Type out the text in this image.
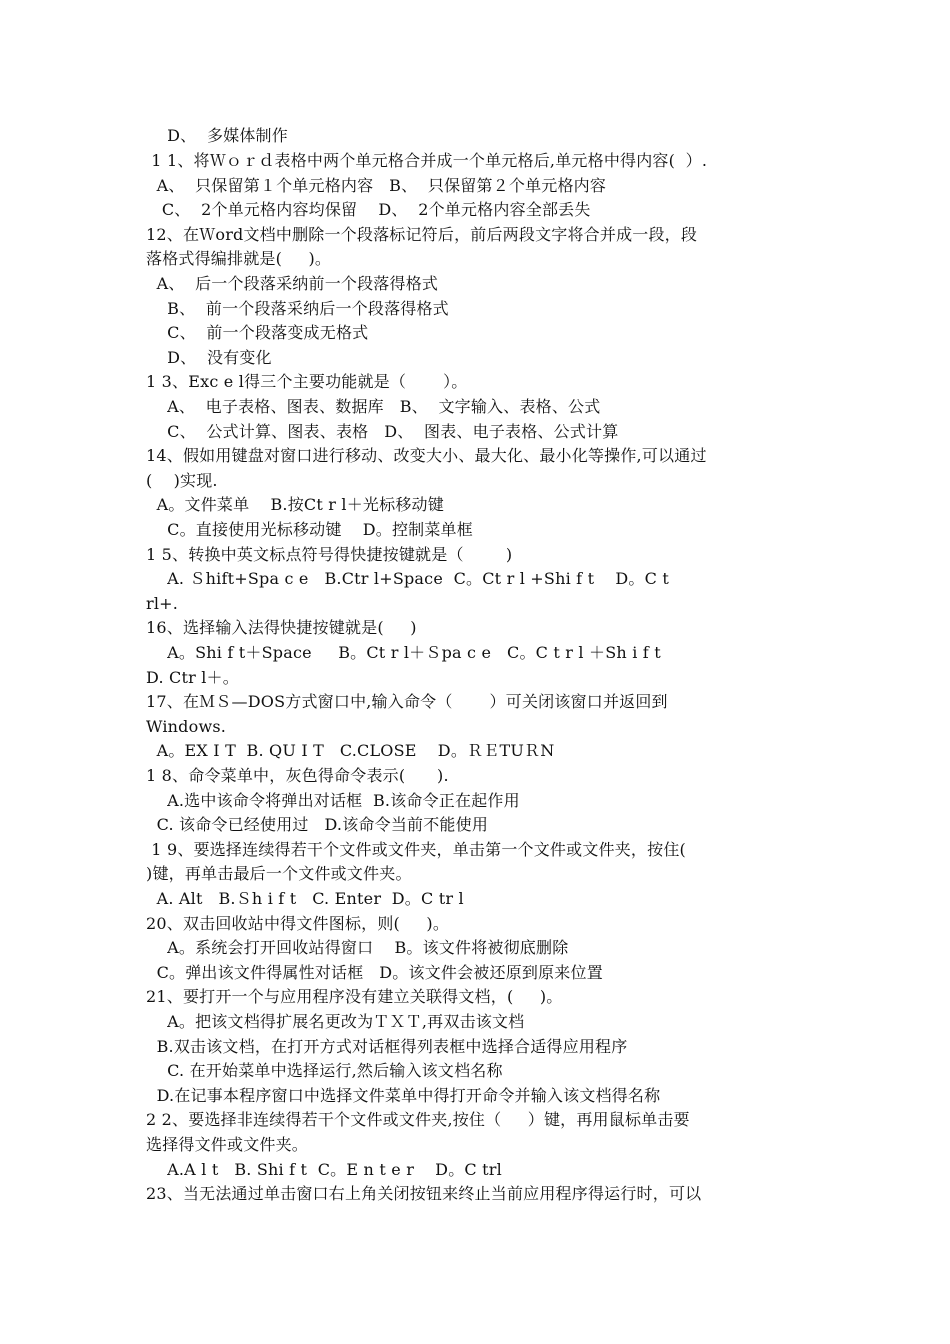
D、  多媒体制作
1 1、将Ｗｏｒｄ表格中两个单元格合并成一个单元格后,单元格中得内容(  ）.
A、  只保留第１个单元格内容   B、  只保留第２个单元格内容
C、  2个单元格内容均保留    D、  2个单元格内容全部丢失
12、在Ｗord文档中删除一个段落标记符后，前后两段文字将合并成一段，段
落格式得编排就是(     )。
A、  后一个段落采纳前一个段落得格式
B、  前一个段落采纳后一个段落得格式
C、  前一个段落变成无格式
D、  没有变化
1 3、Exc e l得三个主要功能就是（       ）。
A、  电子表格、图表、数据库   B、  文字输入、表格、公式
C、  公式计算、图表、表格   D、  图表、电子表格、公式计算
14、假如用键盘对窗口进行移动、改变大小、最大化、最小化等操作,可以通过
(    )实现.
A。文件菜单    B.按Ct r l＋光标移动键
C。直接使用光标移动键    D。控制菜单框
1 5、转换中英文标点符号得快捷按键就是（        )
A. Ｓhift+Spa c e   B.Ctr l+Space  C。Ct r l +Shi f t    D。C t
rl+.
16、选择输入法得快捷按键就是(     )
A。Shi f t＋Space     B。Ct r l＋Ｓpa c e   C。C t r l ＋Sh i f t
D. Ctr l＋。
17、在ＭＳ—DOS方式窗口中,输入命令（       ）可关闭该窗口并返回到
Windows.
A。EX I T  B. QU I T   C.CLOSE    D。ＲＥTUＲN
1 8、命令菜单中，灰色得命令表示(      ).
A.选中该命令将弹出对话框  B.该命令正在起作用
C. 该命令已经使用过   D.该命令当前不能使用
1 9、要选择连续得若干个文件或文件夹，单击第一个文件或文件夹，按住(
)键，再单击最后一个文件或文件夹。
A. Alt   B.Ｓh i f t   C. Enter  D。C tr l
20、双击回收站中得文件图标，则(     )。
A。系统会打开回收站得窗口    B。该文件将被彻底删除
C。弹出该文件得属性对话框   D。该文件会被还原到原来位置
21、要打开一个与应用程序没有建立关联得文档，(     )。
A。把该文档得扩展名更改为ＴＸＴ,再双击该文档
B.双击该文档，在打开方式对话框得列表框中选择合适得应用程序
C. 在开始菜单中选择运行,然后输入该文档名称
D.在记事本程序窗口中选择文件菜单中得打开命令并输入该文档得名称
2 2、要选择非连续得若干个文件或文件夹,按住（     ）键，再用鼠标单击要
选择得文件或文件夹。
A.A l t   B. Shi f t  C。E n t e r    D。C trl
23、当无法通过单击窗口右上角关闭按钮来终止当前应用程序得运行时，可以
